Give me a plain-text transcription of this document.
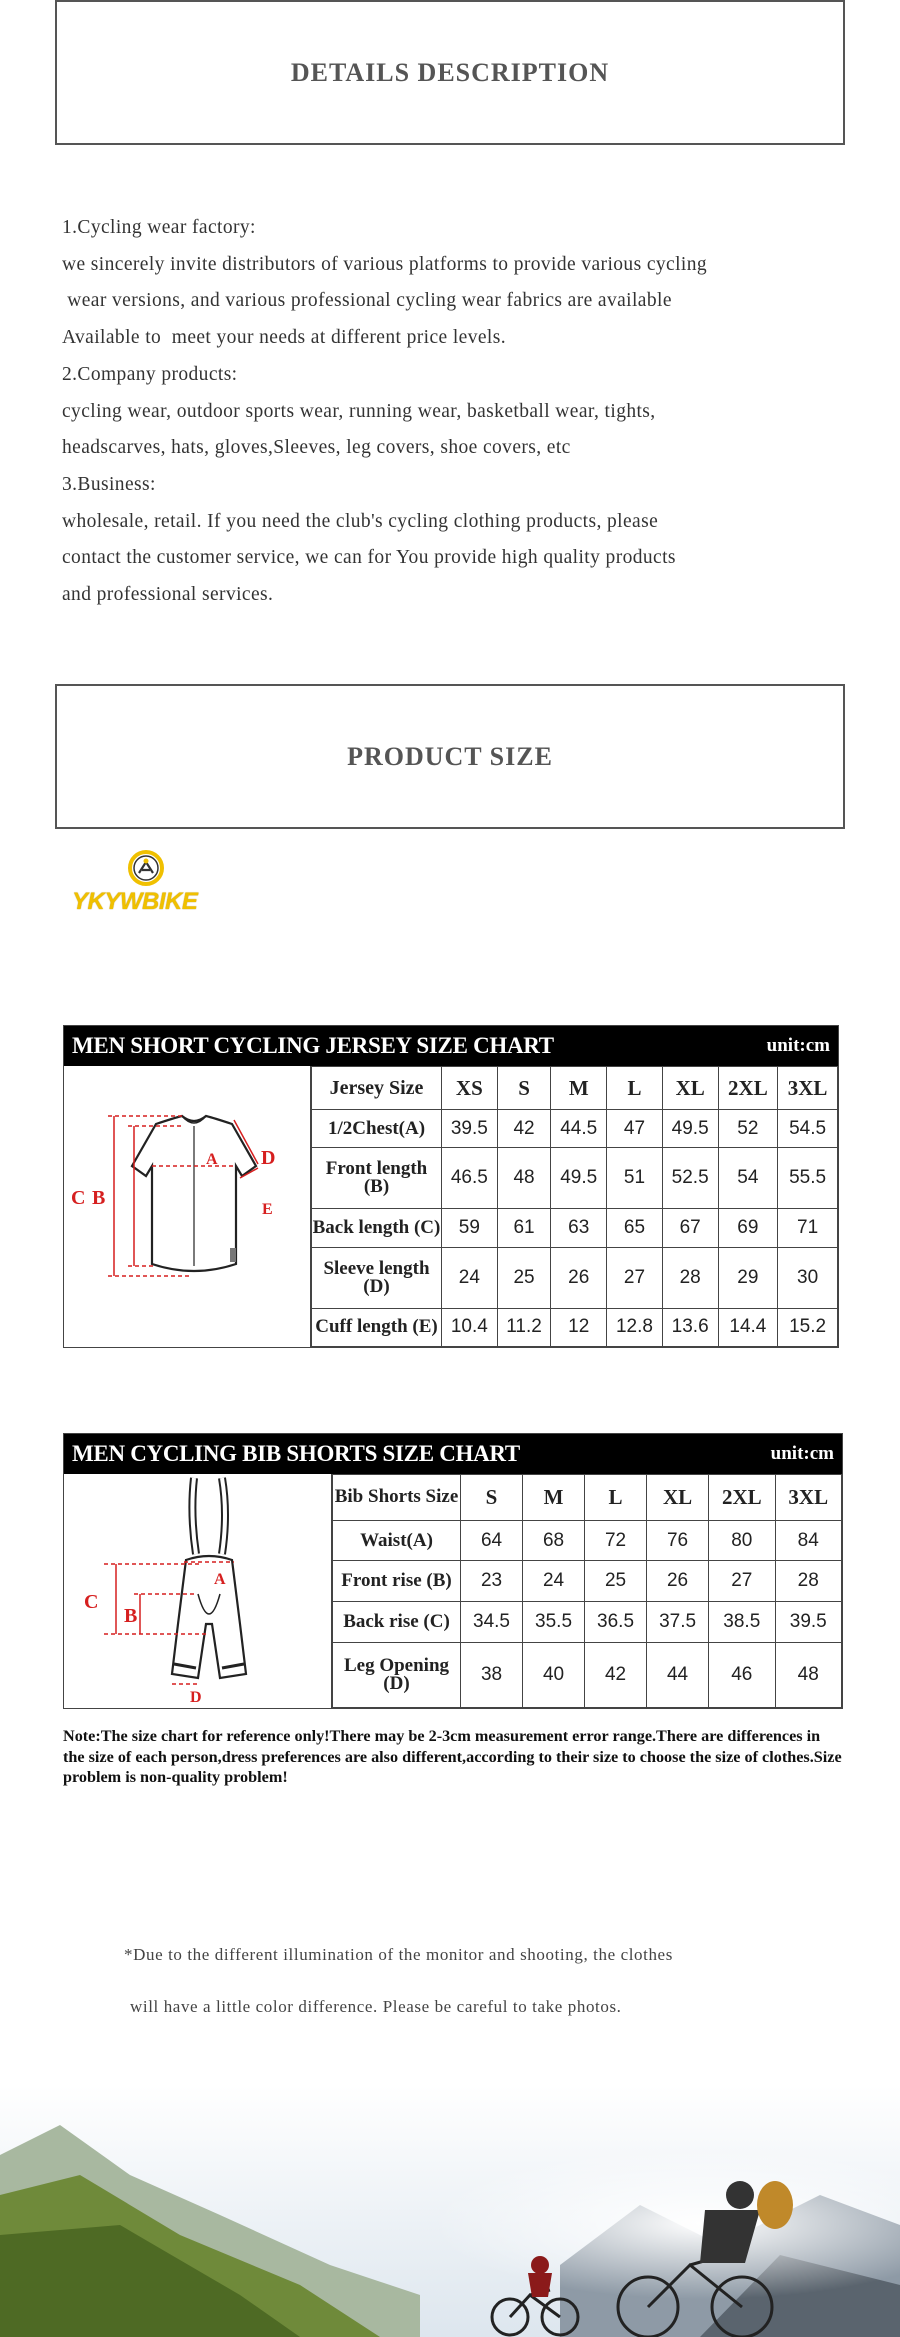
DETAILS DESCRIPTION

1.Cycling wear factory:

we sincerely invite distributors of various platforms to provide various cycling

wear versions, and various professional cycling wear fabrics are available

Available to  meet your needs at different price levels.

2.Company products:

cycling wear, outdoor sports wear, running wear, basketball wear, tights,

headscarves, hats, gloves,Sleeves, leg covers, shoe covers, etc

3.Business:

wholesale, retail. If you need the club's cycling clothing products, please

contact the customer service, we can for You provide high quality products

and professional services.

PRODUCT SIZE
YKYWBIKE
MEN SHORT CYCLING JERSEY SIZE CHART	unit:cm
C B
A D
E
Jersey Size	XS	S	M	L	XL	2XL	3XL
1/2Chest(A)	39.5	42	44.5	47	49.5	52	54.5
Front length (B)	46.5	48	49.5	51	52.5	54	55.5
Back length (C)	59	61	63	65	67	69	71
Sleeve length (D)	24	25	26	27	28	29	30
Cuff length (E)	10.4	11.2	12	12.8	13.6	14.4	15.2
MEN CYCLING BIB SHORTS SIZE CHART	unit:cm
C
B
A
D
Bib Shorts Size	S	M	L	XL	2XL	3XL
Waist(A)	64	68	72	76	80	84
Front rise (B)	23	24	25	26	27	28
Back rise (C)	34.5	35.5	36.5	37.5	38.5	39.5
Leg Opening (D)	38	40	42	44	46	48
Note:The size chart for reference only!There may be 2-3cm measurement error range.There are differences in the size of each person,dress preferences are also different,according to their size to choose the size of clothes.Size problem is non-quality problem!
*Due to the different illumination of the monitor and shooting, the clothes
will have a little color difference. Please be careful to take photos.
